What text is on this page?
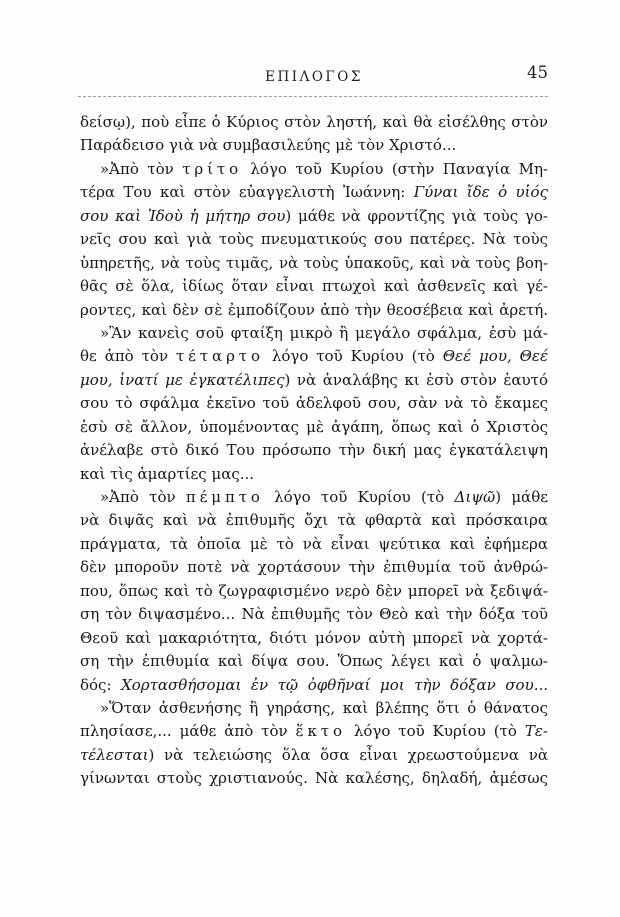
ΕΠΙΛΟΓΟΣ	45
δείσῳ), ποὺ εἶπε ὁ Κύριος στὸν ληστή, καὶ θὰ εἰσέλθης στὸν
Παράδεισο γιὰ νὰ συμβασιλεύης μὲ τὸν Χριστό...
»Ἀπὸ τὸν τρίτο λόγο τοῦ Κυρίου (στὴν Παναγία Μη-
τέρα Του καὶ στὸν εὐαγγελιστὴ Ἰωάννη: Γύναι ἴδε ὁ υἱός
σου καὶ Ἰδοὺ ἡ μήτηρ σου) μάθε νὰ φροντίζης γιὰ τοὺς γο-
νεῖς σου καὶ γιὰ τοὺς πνευματικούς σου πατέρες. Νὰ τοὺς
ὑπηρετῆς, νὰ τοὺς τιμᾶς, νὰ τοὺς ὑπακοῦς, καὶ νὰ τοὺς βοη-
θᾶς σὲ ὅλα, ἰδίως ὅταν εἶναι πτωχοὶ καὶ ἀσθενεῖς καὶ γέ-
ροντες, καὶ δὲν σὲ ἐμποδίζουν ἀπὸ τὴν θεοσέβεια καὶ ἀρετή.
»Ἂν κανεὶς σοῦ φταίξη μικρὸ ἢ μεγάλο σφάλμα, ἐσὺ μά-
θε ἀπὸ τὸν τέταρτο λόγο τοῦ Κυρίου (τὸ Θεέ μου, Θεέ
μου, ἱνατί με ἐγκατέλιπες) νὰ ἀναλάβης κι ἐσὺ στὸν ἑαυτό
σου τὸ σφάλμα ἐκεῖνο τοῦ ἀδελφοῦ σου, σὰν νὰ τὸ ἔκαμες
ἐσὺ σὲ ἄλλον, ὑπομένοντας μὲ ἀγάπη, ὅπως καὶ ὁ Χριστὸς
ἀνέλαβε στὸ δικό Του πρόσωπο τὴν δική μας ἐγκατάλειψη
καὶ τὶς ἁμαρτίες μας...
»Ἀπὸ τὸν πέμπτο λόγο τοῦ Κυρίου (τὸ Διψῶ) μάθε
νὰ διψᾶς καὶ νὰ ἐπιθυμῆς ὄχι τὰ φθαρτὰ καὶ πρόσκαιρα
πράγματα, τὰ ὁποῖα μὲ τὸ νὰ εἶναι ψεύτικα καὶ ἐφήμερα
δὲν μποροῦν ποτὲ νὰ χορτάσουν τὴν ἐπιθυμία τοῦ ἀνθρώ-
που, ὅπως καὶ τὸ ζωγραφισμένο νερὸ δὲν μπορεῖ νὰ ξεδιψά-
ση τὸν διψασμένο... Νὰ ἐπιθυμῆς τὸν Θεὸ καὶ τὴν δόξα τοῦ
Θεοῦ καὶ μακαριότητα, διότι μόνον αὐτὴ μπορεῖ νὰ χορτά-
ση τὴν ἐπιθυμία καὶ δίψα σου. Ὅπως λέγει καὶ ὁ ψαλμω-
δός: Χορτασθήσομαι ἐν τῷ ὀφθῆναί μοι τὴν δόξαν σου...
»Ὅταν ἀσθενήσης ἢ γηράσης, καὶ βλέπης ὅτι ὁ θάνατος
πλησίασε,... μάθε ἀπὸ τὸν ἕκτο λόγο τοῦ Κυρίου (τὸ Τε-
τέλεσται) νὰ τελειώσης ὅλα ὅσα εἶναι χρεωστούμενα νὰ
γίνωνται στοὺς χριστιανούς. Νὰ καλέσης, δηλαδή, ἀμέσως
